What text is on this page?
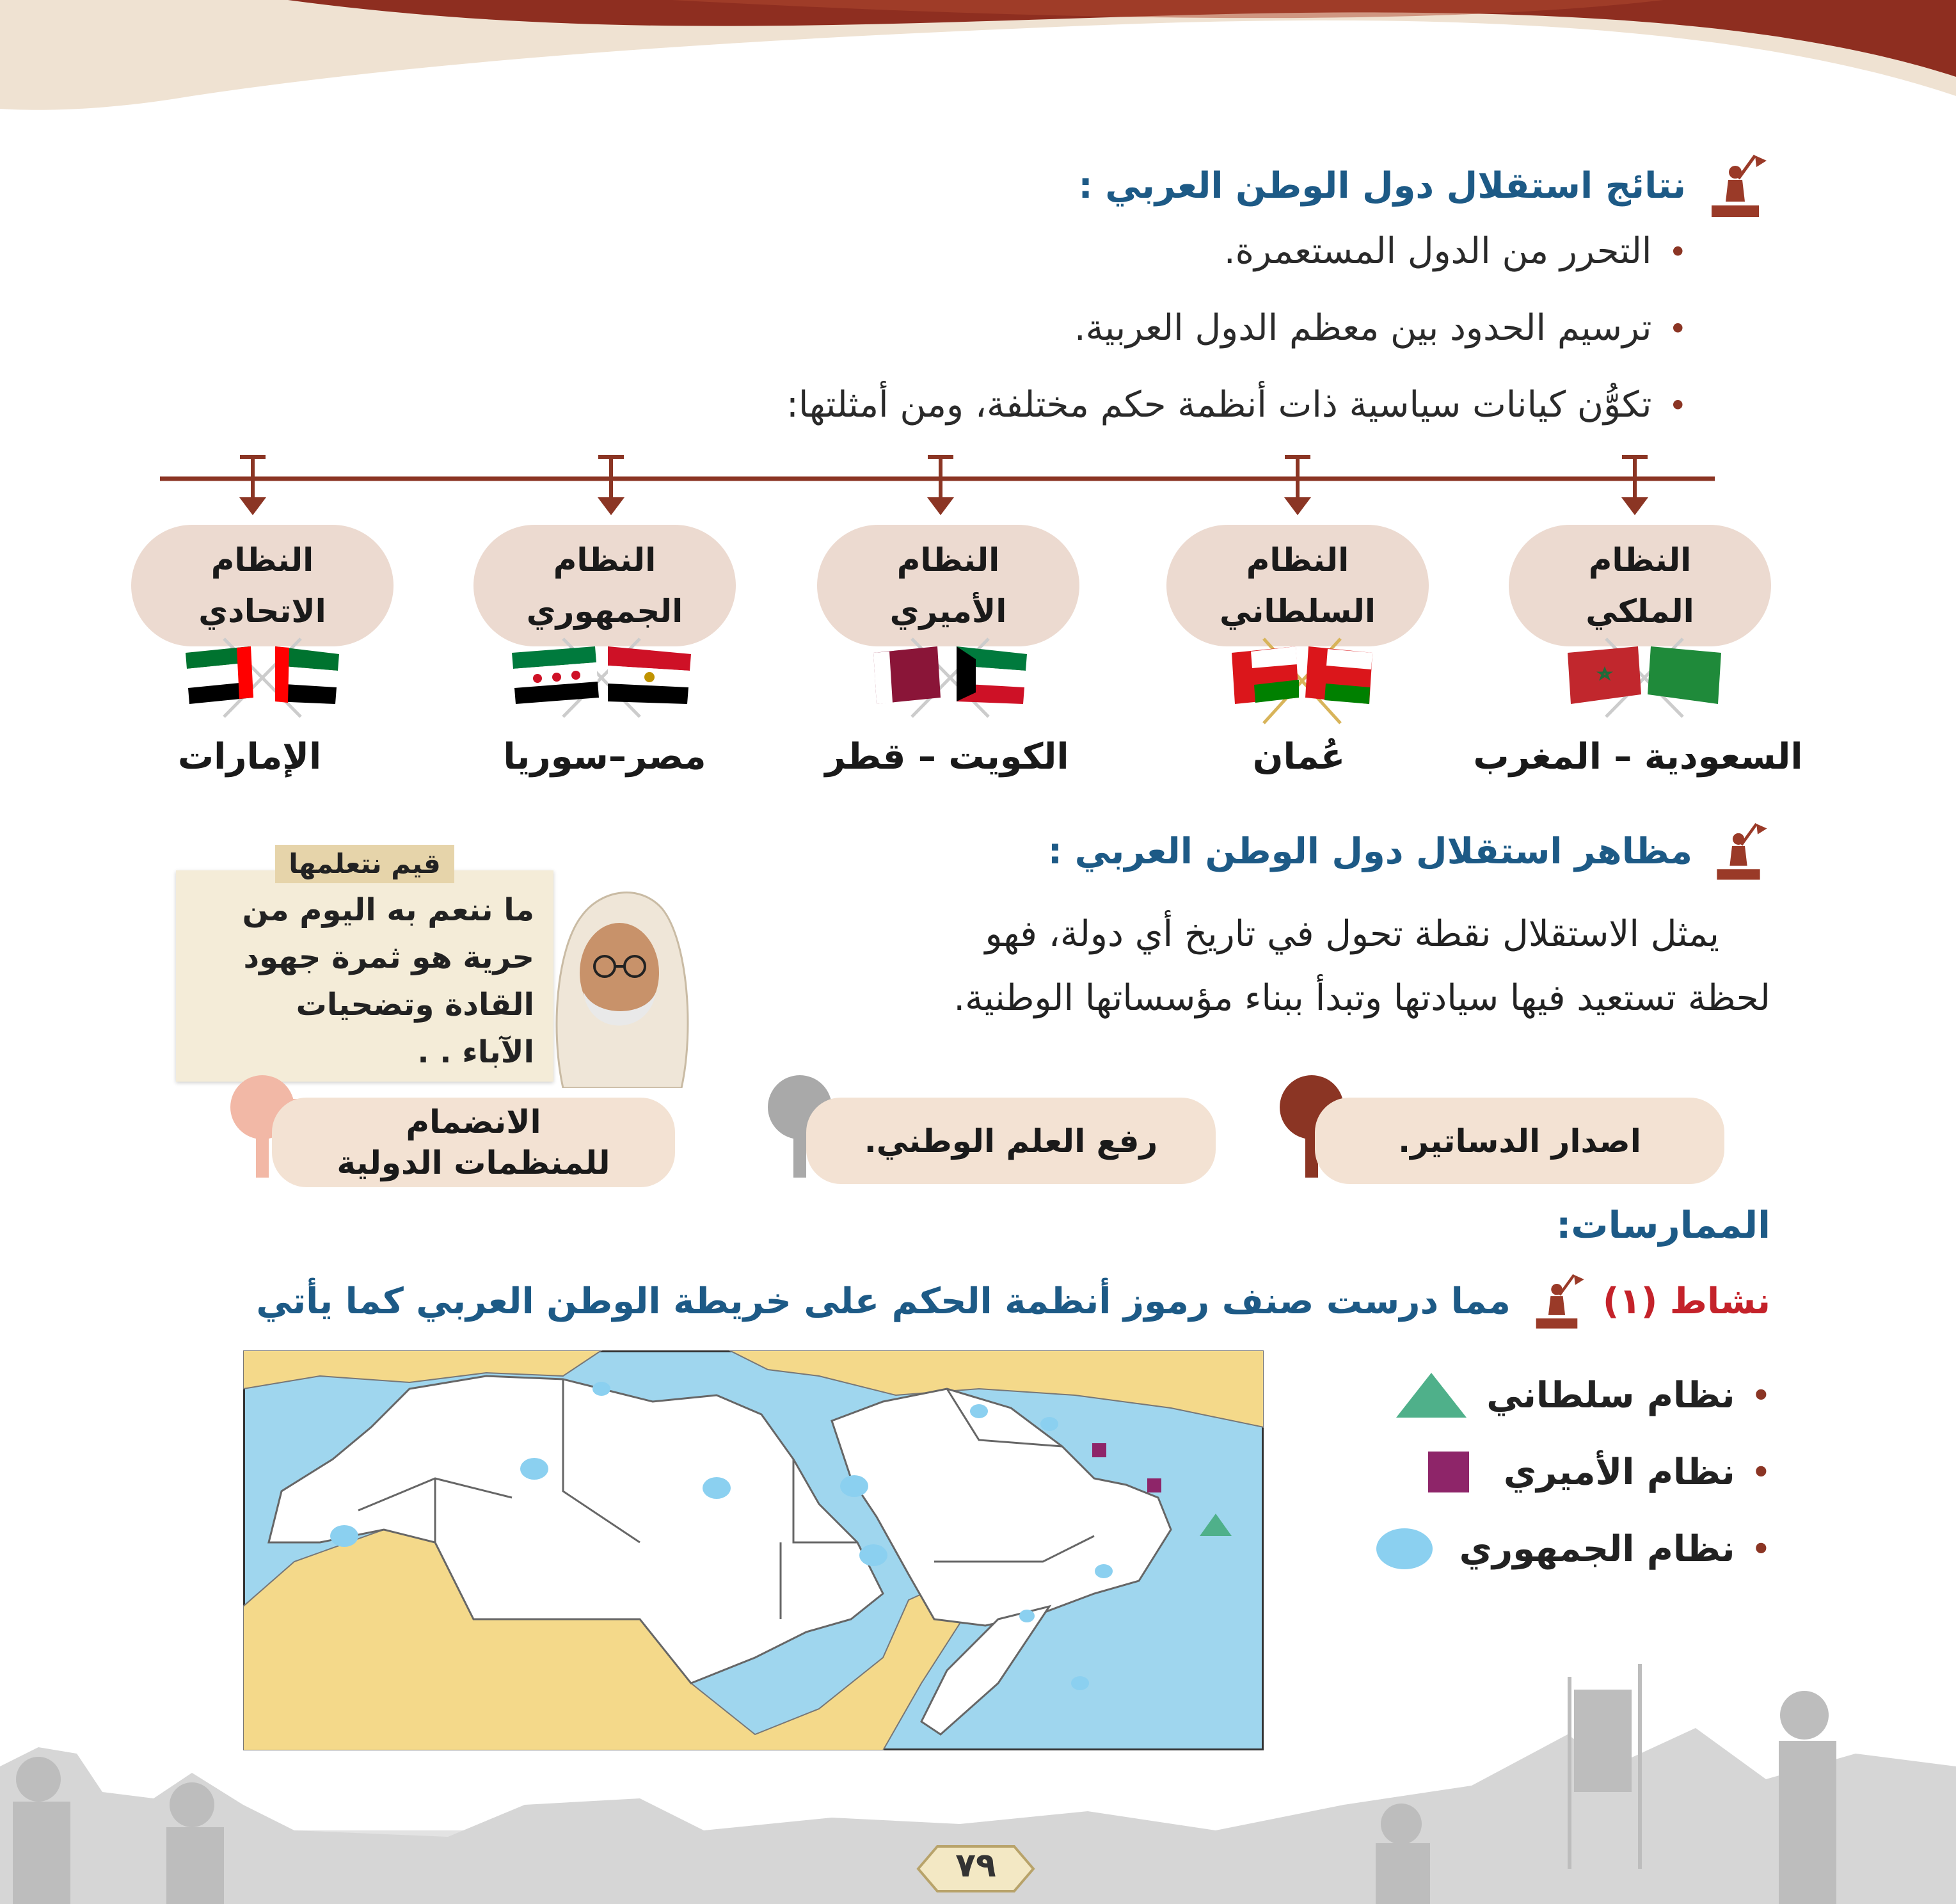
نتائج استقلال دول الوطن العربي :
• التحرر من الدول المستعمرة.
• ترسيم الحدود بين معظم الدول العربية.
• تكوُّن كيانات سياسية ذات أنظمة حكم مختلفة، ومن أمثلتها:
النظام
الملكي
النظام
السلطاني
النظام
الأميري
النظام
الجمهوري
النظام
الاتحادي
السعودية – المغرب
عُمان
الكويت – قطر
مصر–سوريا
الإمارات
مظاهر استقلال دول الوطن العربي :
يمثل الاستقلال نقطة تحول في تاريخ أي دولة، فهو
لحظة تستعيد فيها سيادتها وتبدأ ببناء مؤسساتها الوطنية.
قيم نتعلمها
ما ننعم به اليوم من
حرية هو ثمرة جهود
القادة وتضحيات
الآباء . .
اصدار الدساتير.
رفع العلم الوطني.
الانضمام
للمنظمات الدولية
الممارسات:
نشاط (١)
مما درست صنف رموز أنظمة الحكم على خريطة الوطن العربي كما يأتي
•
نظام سلطاني
•
نظام الأميري
•
نظام الجمهوري
٧٩
